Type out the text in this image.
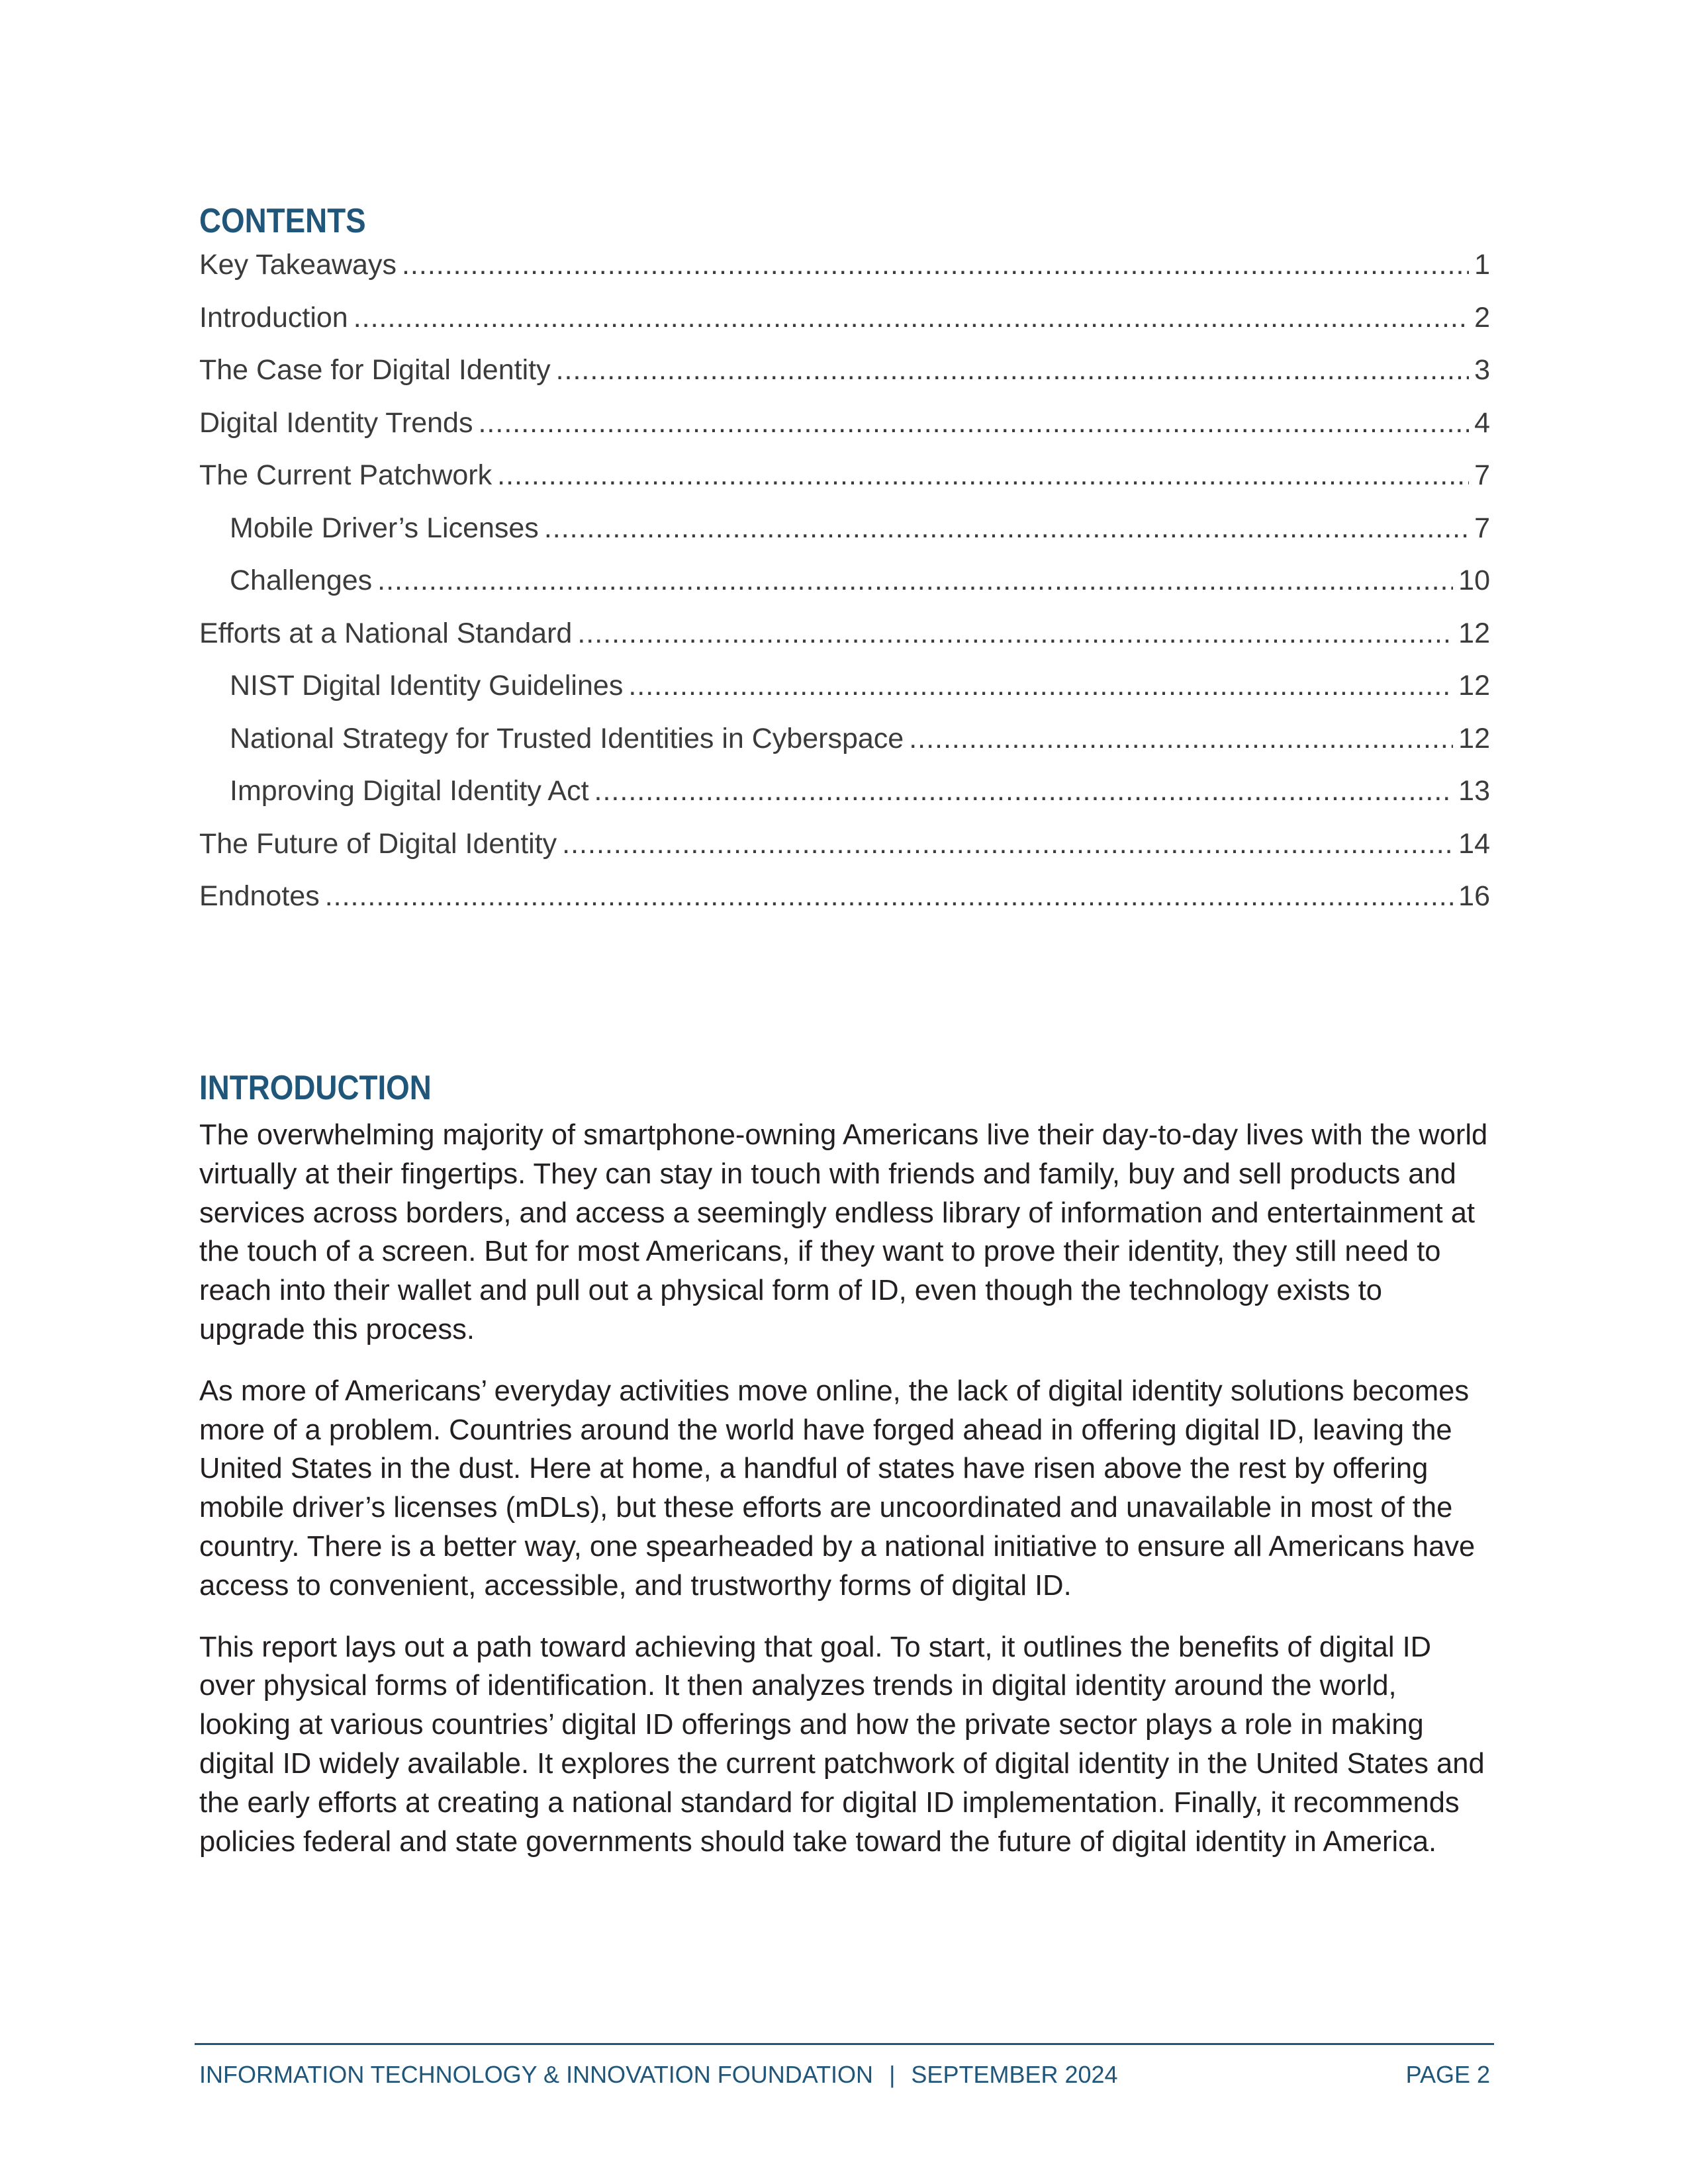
CONTENTS
Key Takeaways .....	1
Introduction .....	2
The Case for Digital Identity .....	3
Digital Identity Trends .....	4
The Current Patchwork .....	7
Mobile Driver’s Licenses .....	7
Challenges .....	10
Efforts at a National Standard .....	12
NIST Digital Identity Guidelines .....	12
National Strategy for Trusted Identities in Cyberspace .....	12
Improving Digital Identity Act .....	13
The Future of Digital Identity .....	14
Endnotes .....	16
INTRODUCTION

The overwhelming majority of smartphone-owning Americans live their day-to-day lives with the world virtually at their fingertips. They can stay in touch with friends and family, buy and sell products and services across borders, and access a seemingly endless library of information and entertainment at the touch of a screen. But for most Americans, if they want to prove their identity, they still need to reach into their wallet and pull out a physical form of ID, even though the technology exists to upgrade this process.

As more of Americans’ everyday activities move online, the lack of digital identity solutions becomes more of a problem. Countries around the world have forged ahead in offering digital ID, leaving the United States in the dust. Here at home, a handful of states have risen above the rest by offering mobile driver’s licenses (mDLs), but these efforts are uncoordinated and unavailable in most of the country. There is a better way, one spearheaded by a national initiative to ensure all Americans have access to convenient, accessible, and trustworthy forms of digital ID.

This report lays out a path toward achieving that goal. To start, it outlines the benefits of digital ID over physical forms of identification. It then analyzes trends in digital identity around the world, looking at various countries’ digital ID offerings and how the private sector plays a role in making digital ID widely available. It explores the current patchwork of digital identity in the United States and the early efforts at creating a national standard for digital ID implementation. Finally, it recommends policies federal and state governments should take toward the future of digital identity in America.

INFORMATION TECHNOLOGY & INNOVATION FOUNDATION | SEPTEMBER 2024	PAGE 2
